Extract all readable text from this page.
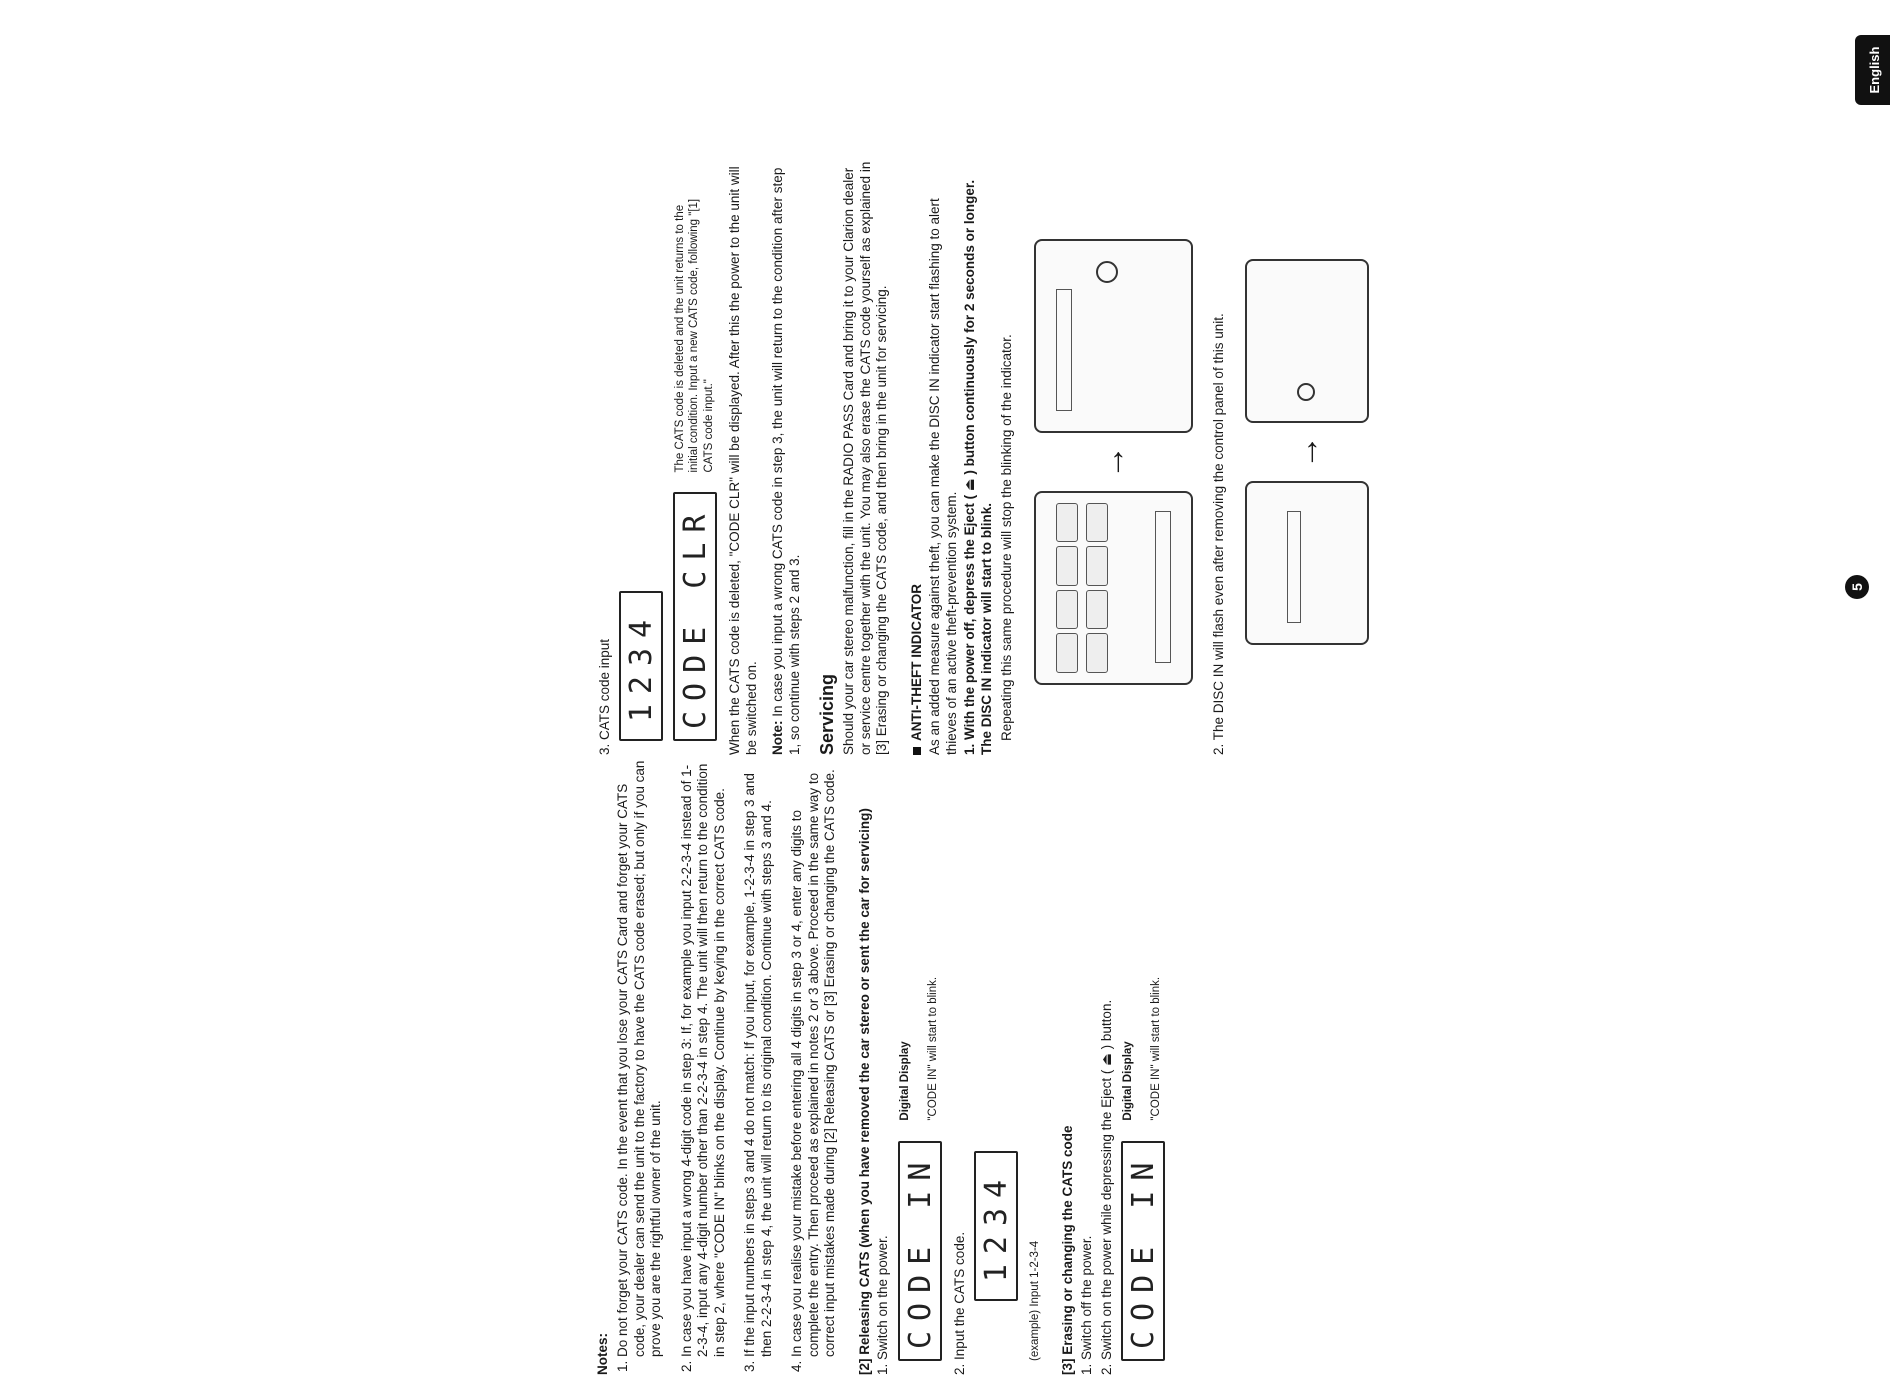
English
5
Notes: 1. Do not forget your CATS code. In the event that you lose your CATS Card and forget your CATS code, your dealer can send the unit to the factory to have the CATS code erased; but only if you can prove you are the rightful owner of the unit. 2. In case you have input a wrong 4-digit code in step 3: If, for example you input 2-2-3-4 instead of 1-2-3-4, input any 4-digit number other than 2-2-3-4 in step 4. The unit will then return to the condition in step 2, where "CODE IN" blinks on the display. Continue by keying in the correct CATS code. 3. If the input numbers in steps 3 and 4 do not match: If you input, for example, 1-2-3-4 in step 3 and then 2-2-3-4 in step 4, the unit will return to its original condition. Continue with steps 3 and 4. 4. In case you realise your mistake before entering all 4 digits in step 3 or 4, enter any digits to complete the entry. Then proceed as explained in notes 2 or 3 above. Proceed in the same way to correct input mistakes made during [2] Releasing CATS or [3] Erasing or changing the CATS code. [2] Releasing CATS (when you have removed the car stereo or sent the car for servicing) 1. Switch on the power. CODE IN
Digital Display "CODE IN" will start to blink.
2. Input the CATS code.
1234
(example) Input 1-2-3-4 [3] Erasing or changing the CATS code 1. Switch off the power. 2. Switch on the power while depressing the Eject ( ⏏ ) button. CODE IN
Digital Display "CODE IN" will start to blink.
3. CATS code input 1234 CODE CLR
The CATS code is deleted and the unit returns to the initial condition. Input a new CATS code, following "[1] CATS code input." When the CATS code is deleted, "CODE CLR" will be displayed. After this the power to the unit will be switched on. Note: In case you input a wrong CATS code in step 3, the unit will return to the condition after step 1, so continue with steps 2 and 3. Servicing Should your car stereo malfunction, fill in the RADIO PASS Card and bring it to your Clarion dealer or service centre together with the unit. You may also erase the CATS code yourself as explained in [3] Erasing or changing the CATS code, and then bring in the unit for servicing. ANTI-THEFT INDICATOR As an added measure against theft, you can make the DISC IN indicator start flashing to alert thieves of an active theft-prevention system. 1. With the power off, depress the Eject ( ⏏ ) button continuously for 2 seconds or longer. The DISC IN indicator will start to blink. Repeating this same procedure will stop the blinking of the indicator. →	2. The DISC IN will flash even after removing the control panel of this unit. →
